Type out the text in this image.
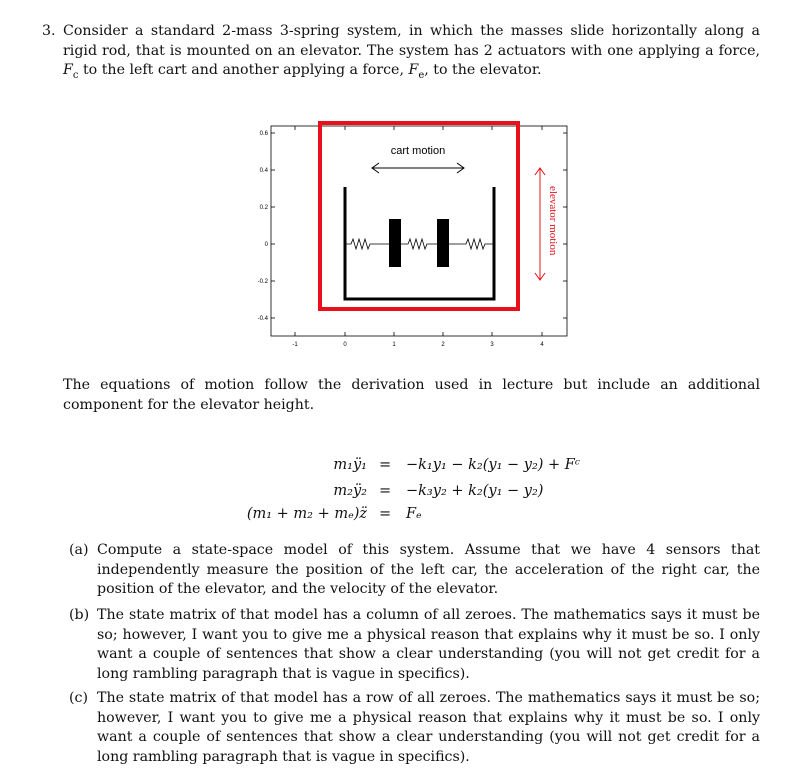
3. Consider a standard 2-mass 3-spring system, in which the masses slide horizontally along a rigid rod, that is mounted on an elevator. The system has 2 actuators with one applying a force, $F_c$ to the left cart and another applying a force, $F_e$, to the elevator.
0.6
0.4
0.2
0
-0.2
-0.4
-1	0	1	2	3	4
cart motion
elevator motion
The equations of motion follow the derivation used in lecture but include an additional component for the elevator height.
m₁ÿ₁ = −k₁y₁ − k₂(y₁ − y₂) + Fᶜ
m₂ÿ₂ = −k₃y₂ + k₂(y₁ − y₂)
(m₁ + m₂ + mₑ)z̈ = Fₑ
(a) Compute a state-space model of this system. Assume that we have 4 sensors that independently measure the position of the left car, the acceleration of the right car, the position of the elevator, and the velocity of the elevator.
(b) The state matrix of that model has a column of all zeroes. The mathematics says it must be so; however, I want you to give me a physical reason that explains why it must be so. I only want a couple of sentences that show a clear understanding (you will not get credit for a long rambling paragraph that is vague in specifics).
(c) The state matrix of that model has a row of all zeroes. The mathematics says it must be so; however, I want you to give me a physical reason that explains why it must be so. I only want a couple of sentences that show a clear understanding (you will not get credit for a long rambling paragraph that is vague in specifics).
